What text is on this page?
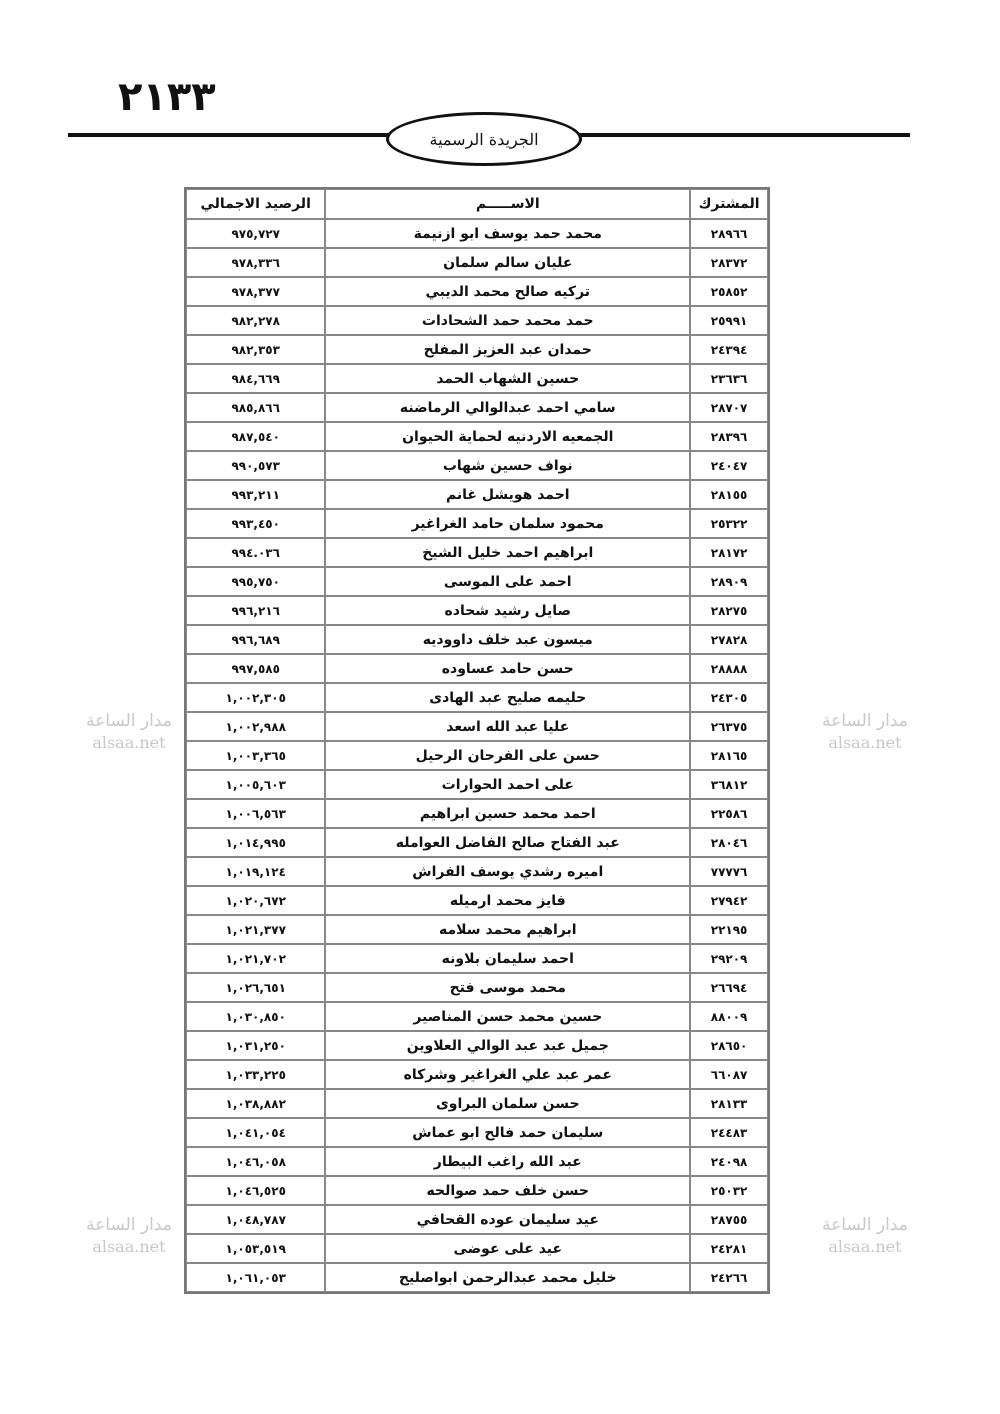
٢١٣٣
الجريدة الرسمية
المشترك	الاســـــم	الرصيد الاجمالي
٢٨٩٦٦	محمد حمد يوسف ابو ازنيمة	٩٧٥,٧٢٧
٢٨٣٧٢	عليان سالم سلمان	٩٧٨,٣٣٦
٢٥٨٥٢	تركيه صالح محمد الديبي	٩٧٨,٣٧٧
٢٥٩٩١	حمد محمد حمد الشحادات	٩٨٢,٢٧٨
٢٤٣٩٤	حمدان عبد العزيز المفلح	٩٨٢,٣٥٣
٢٣٦٣٦	حسين الشهاب الحمد	٩٨٤,٦٦٩
٢٨٧٠٧	سامي احمد عبدالوالي الرماضنه	٩٨٥,٨٦٦
٢٨٣٩٦	الجمعيه الاردنيه لحماية الحيوان	٩٨٧,٥٤٠
٢٤٠٤٧	نواف حسين شهاب	٩٩٠,٥٧٣
٢٨١٥٥	احمد هويشل غانم	٩٩٣,٢١١
٢٥٣٢٢	محمود سلمان حامد الغراغير	٩٩٣,٤٥٠
٢٨١٧٢	ابراهيم احمد خليل الشيخ	٩٩٤.٠٣٦
٢٨٩٠٩	احمد على الموسى	٩٩٥,٧٥٠
٢٨٢٧٥	صايل رشيد شحاده	٩٩٦,٢١٦
٢٧٨٢٨	ميسون عبد خلف داووديه	٩٩٦,٦٨٩
٢٨٨٨٨	حسن حامد عساوده	٩٩٧,٥٨٥
٢٤٣٠٥	حليمه صليح عبد الهادى	١,٠٠٢,٣٠٥
٢٦٣٧٥	عليا عبد الله اسعد	١,٠٠٢,٩٨٨
٢٨١٦٥	حسن على الفرحان الرحيل	١,٠٠٣,٣٦٥
٣٦٨١٢	على احمد الحوارات	١,٠٠٥,٦٠٣
٢٢٥٨٦	احمد محمد حسين ابراهيم	١,٠٠٦,٥٦٣
٢٨٠٤٦	عبد الفتاح صالح الفاضل العوامله	١,٠١٤,٩٩٥
٧٧٧٧٦	اميره رشدي يوسف الفراش	١,٠١٩,١٢٤
٢٧٩٤٢	فايز محمد ارميله	١,٠٢٠,٦٧٢
٢٢١٩٥	ابراهيم محمد سلامه	١,٠٢١,٣٧٧
٢٩٢٠٩	احمد سليمان بلاونه	١,٠٢١,٧٠٢
٢٦٦٩٤	محمد موسى فتح	١,٠٢٦,٦٥١
٨٨٠٠٩	حسين محمد حسن المناصير	١,٠٣٠,٨٥٠
٢٨٦٥٠	جميل عبد عبد الوالي العلاوين	١,٠٣١,٢٥٠
٦٦٠٨٧	عمر عبد علي الغراغير وشركاه	١,٠٣٣,٢٢٥
٢٨١٣٣	حسن سلمان البراوى	١,٠٣٨,٨٨٢
٢٤٤٨٣	سليمان حمد فالح ابو عماش	١,٠٤١,٠٥٤
٢٤٠٩٨	عبد الله راغب البيطار	١,٠٤٦,٠٥٨
٢٥٠٣٢	حسن خلف حمد صوالحه	١,٠٤٦,٥٢٥
٢٨٧٥٥	عيد سليمان عوده القحافي	١,٠٤٨,٧٨٧
٢٤٢٨١	عيد على عوضى	١,٠٥٣,٥١٩
٢٤٢٦٦	خليل محمد عبدالرحمن ابواصليح	١,٠٦١,٠٥٣
مدار الساعة
alsaa.net
مدار الساعة
alsaa.net
مدار الساعة
alsaa.net
مدار الساعة
alsaa.net
